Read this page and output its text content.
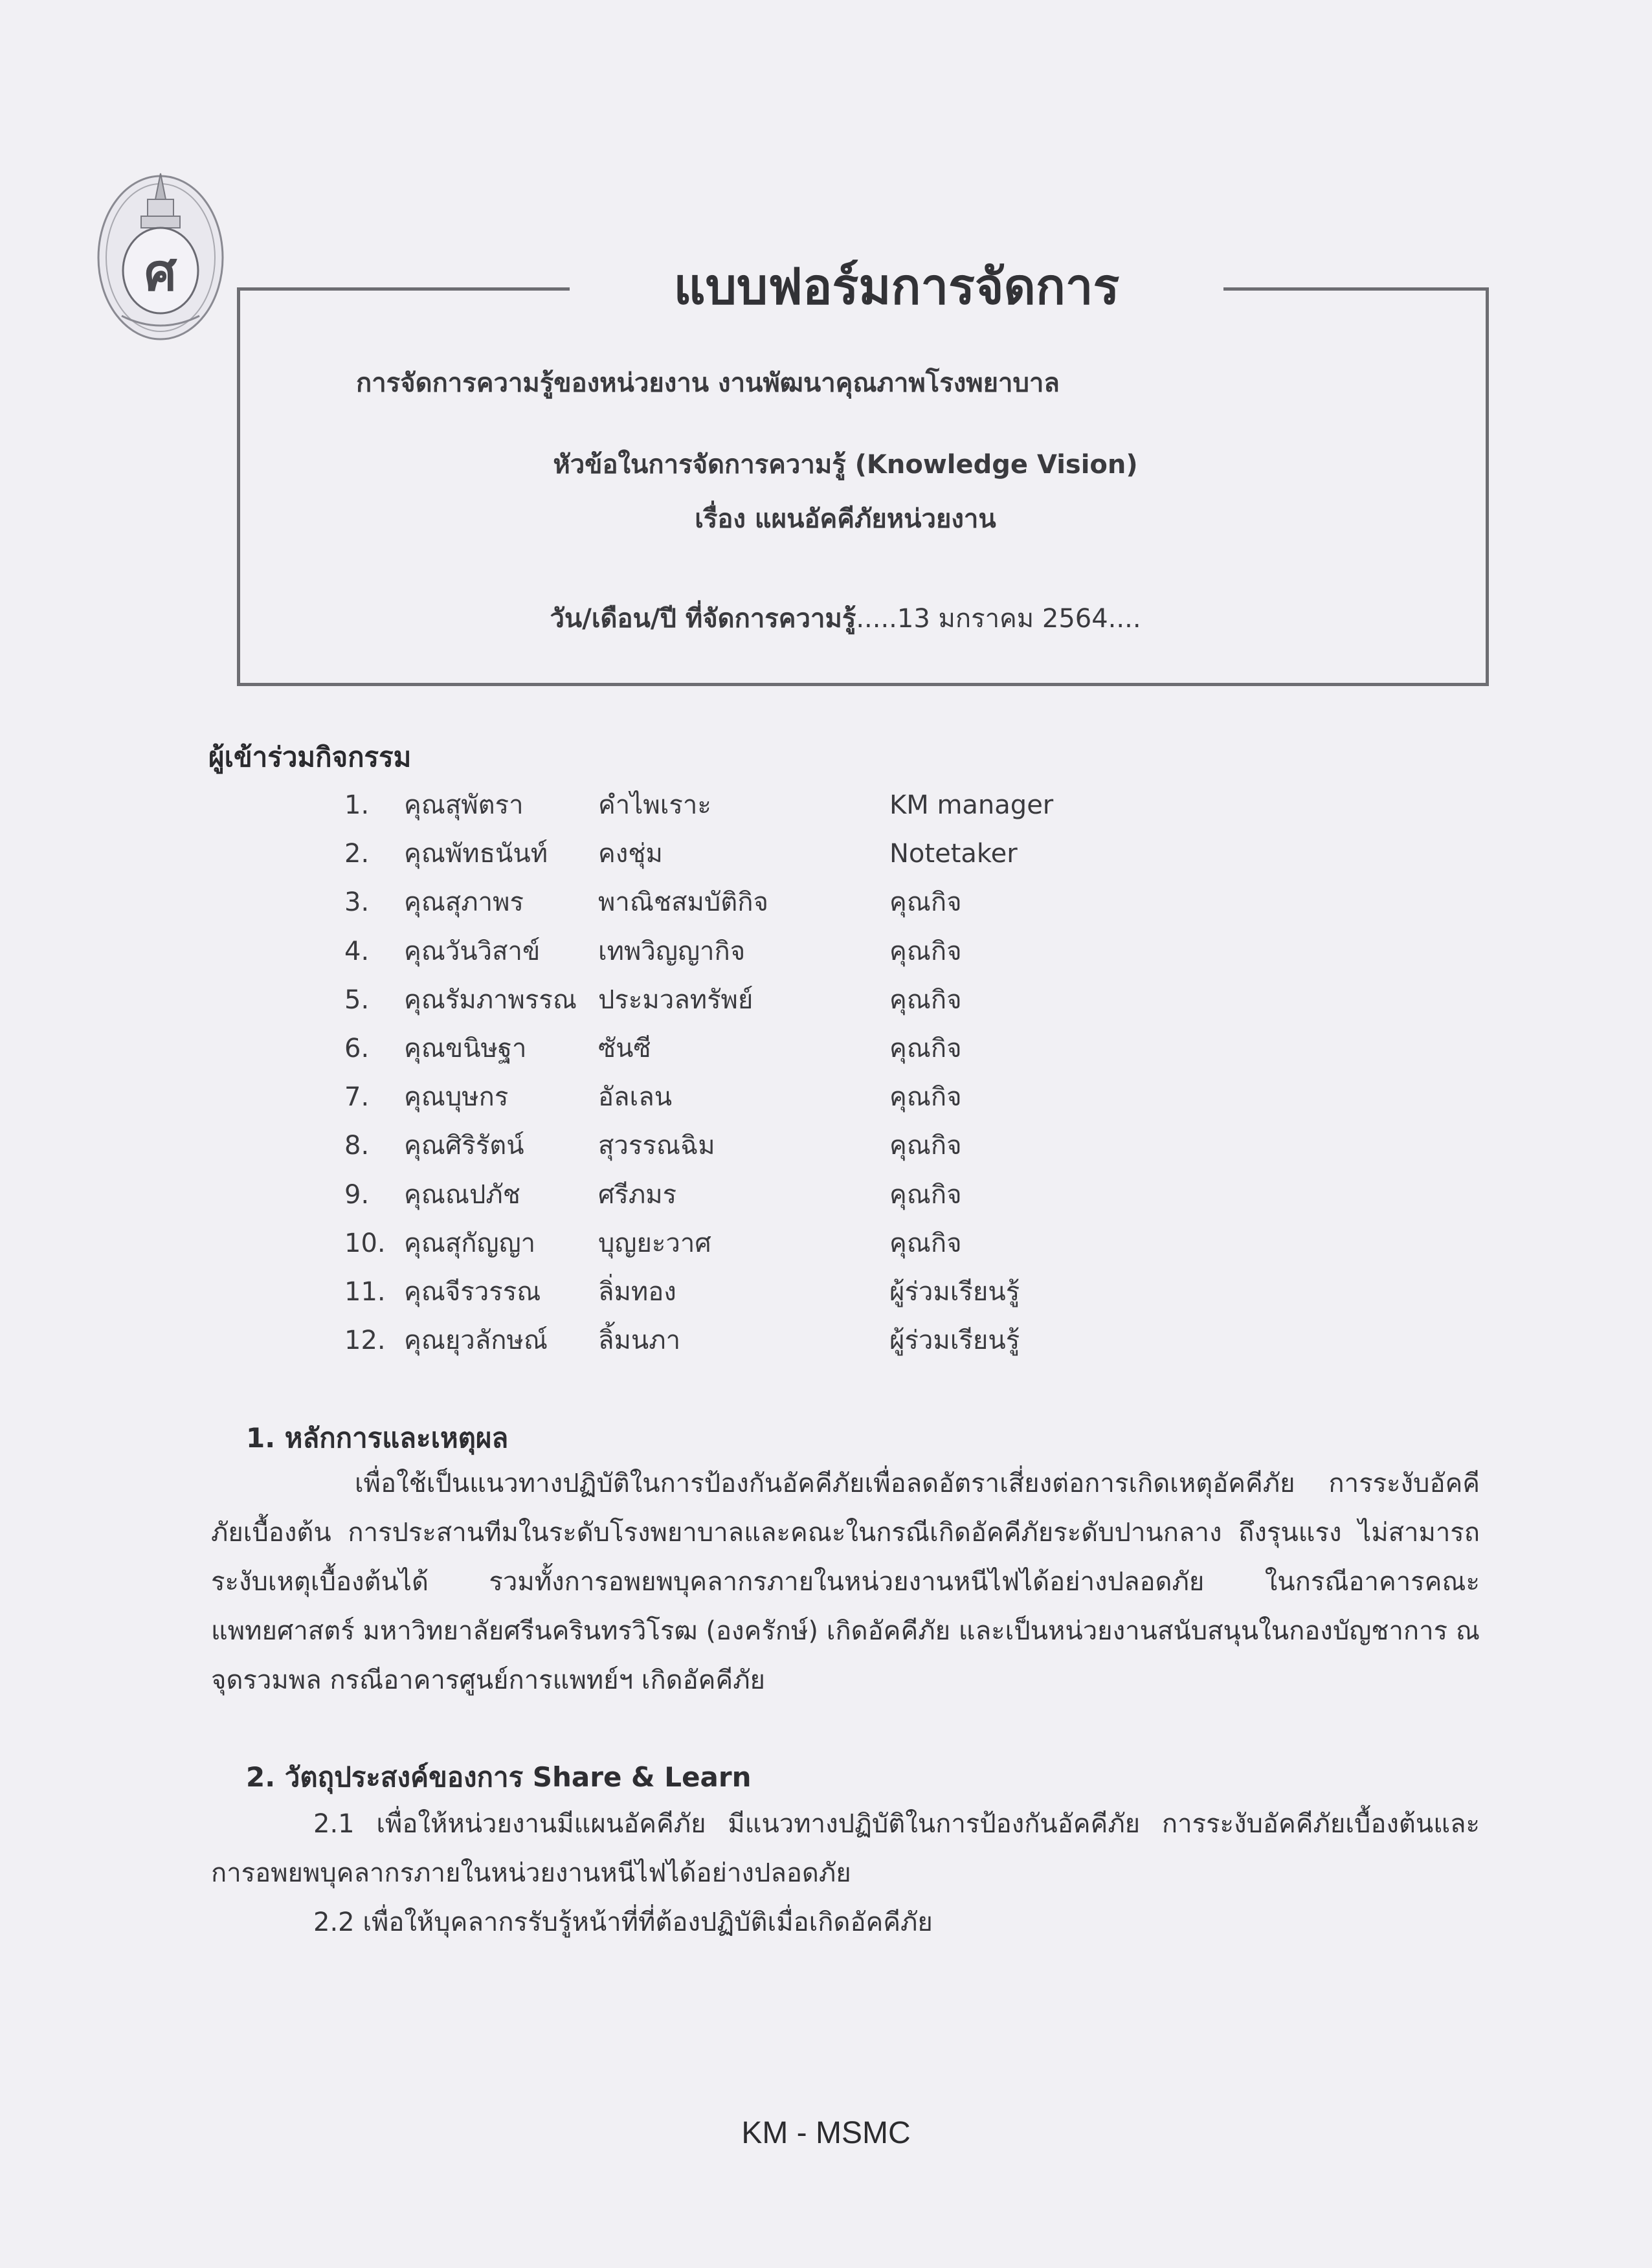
ศ	แบบฟอร์มการจัดการ
การจัดการความรู้ของหน่วยงาน งานพัฒนาคุณภาพโรงพยาบาล
หัวข้อในการจัดการความรู้ (Knowledge Vision)
เรื่อง แผนอัคคีภัยหน่วยงาน
วัน/เดือน/ปี ที่จัดการความรู้.....13 มกราคม 2564....
ผู้เข้าร่วมกิจกรรม
1. คุณสุพัตรา	คำไพเราะ	KM manager
2. คุณพัทธนันท์ คงชุ่ม	Notetaker
3. คุณสุภาพร	พาณิชสมบัติกิจ	คุณกิจ
4. คุณวันวิสาข์ เทพวิญญากิจ	คุณกิจ
5. คุณรัมภาพรรณ ประมวลทรัพย์	คุณกิจ
6. คุณขนิษฐา	ซันซี	คุณกิจ
7. คุณบุษกร	อัลเลน	คุณกิจ
8. คุณศิริรัตน์	สุวรรณฉิม	คุณกิจ
9. คุณณปภัช	ศรีภมร	คุณกิจ
10. คุณสุกัญญา บุญยะวาศ	คุณกิจ
11. คุณจีรวรรณ ลิ่มทอง	ผู้ร่วมเรียนรู้
12. คุณยุวลักษณ์ ลิ้มนภา	ผู้ร่วมเรียนรู้
1. หลักการและเหตุผล
เพื่อใช้เป็นแนวทางปฏิบัติในการป้องกันอัคคีภัยเพื่อลดอัตราเสี่ยงต่อการเกิดเหตุอัคคีภัย การระงับอัคคีภัยเบื้องต้น การประสานทีมในระดับโรงพยาบาลและคณะในกรณีเกิดอัคคีภัยระดับปานกลาง ถึงรุนแรง ไม่สามารถระงับเหตุเบื้องต้นได้ รวมทั้งการอพยพบุคลากรภายในหน่วยงานหนีไฟได้อย่างปลอดภัย ในกรณีอาคารคณะแพทยศาสตร์ มหาวิทยาลัยศรีนครินทรวิโรฒ (องครักษ์) เกิดอัคคีภัย และเป็นหน่วยงานสนับสนุนในกองบัญชาการ ณ จุดรวมพล กรณีอาคารศูนย์การแพทย์ฯ เกิดอัคคีภัย
2. วัตถุประสงค์ของการ Share & Learn
2.1 เพื่อให้หน่วยงานมีแผนอัคคีภัย มีแนวทางปฏิบัติในการป้องกันอัคคีภัย การระงับอัคคีภัยเบื้องต้นและการอพยพบุคลากรภายในหน่วยงานหนีไฟได้อย่างปลอดภัย
2.2 เพื่อให้บุคลากรรับรู้หน้าที่ที่ต้องปฏิบัติเมื่อเกิดอัคคีภัย
KM - MSMC
